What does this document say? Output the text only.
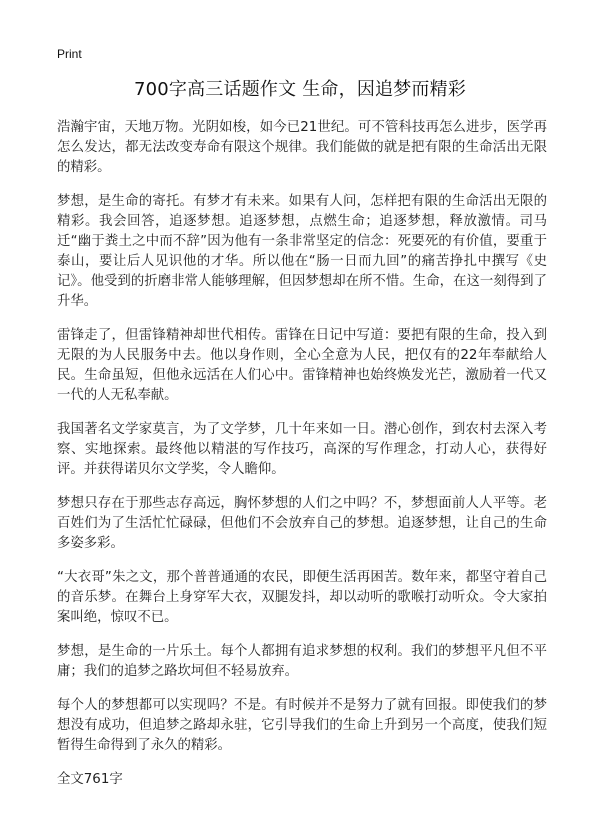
Print
700字高三话题作文 生命，因追梦而精彩

浩瀚宇宙，天地万物。光阴如梭，如今已21世纪。可不管科技再怎么进步，医学再怎么发达，都无法改变寿命有限这个规律。我们能做的就是把有限的生命活出无限的精彩。

梦想，是生命的寄托。有梦才有未来。如果有人问，怎样把有限的生命活出无限的精彩。我会回答，追逐梦想。追逐梦想，点燃生命；追逐梦想，释放激情。司马迁“幽于粪土之中而不辞”因为他有一条非常坚定的信念：死要死的有价值，要重于泰山，要让后人见识他的才华。所以他在“肠一日而九回”的痛苦挣扎中撰写《史记》。他受到的折磨非常人能够理解，但因梦想却在所不惜。生命，在这一刻得到了升华。

雷锋走了，但雷锋精神却世代相传。雷锋在日记中写道：要把有限的生命，投入到无限的为人民服务中去。他以身作则，全心全意为人民，把仅有的22年奉献给人民。生命虽短，但他永远活在人们心中。雷锋精神也始终焕发光芒，激励着一代又一代的人无私奉献。

我国著名文学家莫言，为了文学梦，几十年来如一日。潜心创作，到农村去深入考察、实地探索。最终他以精湛的写作技巧，高深的写作理念，打动人心，获得好评。并获得诺贝尔文学奖，令人瞻仰。

梦想只存在于那些志存高远，胸怀梦想的人们之中吗？不，梦想面前人人平等。老百姓们为了生活忙忙碌碌，但他们不会放弃自己的梦想。追逐梦想，让自己的生命多姿多彩。

“大衣哥”朱之文，那个普普通通的农民，即便生活再困苦。数年来，都坚守着自己的音乐梦。在舞台上身穿军大衣，双腿发抖，却以动听的歌喉打动听众。令大家拍案叫绝，惊叹不已。

梦想，是生命的一片乐土。每个人都拥有追求梦想的权利。我们的梦想平凡但不平庸；我们的追梦之路坎坷但不轻易放弃。

每个人的梦想都可以实现吗？不是。有时候并不是努力了就有回报。即使我们的梦想没有成功，但追梦之路却永驻，它引导我们的生命上升到另一个高度，使我们短暂得生命得到了永久的精彩。

全文761字
